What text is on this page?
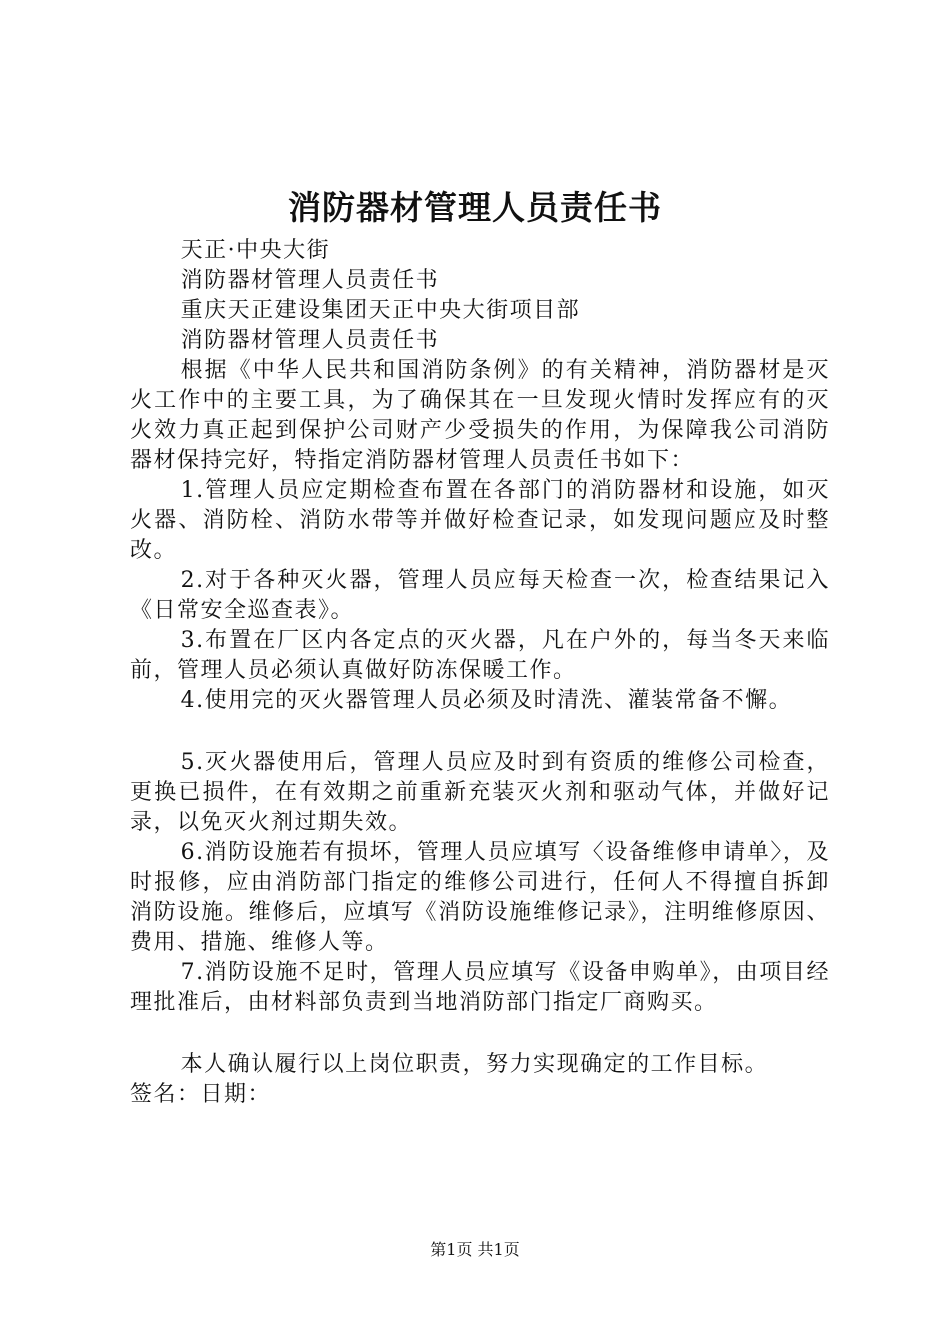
消防器材管理人员责任书

天正·中央大街

消防器材管理人员责任书

重庆天正建设集团天正中央大街项目部

消防器材管理人员责任书

根据《中华人民共和国消防条例》的有关精神，消防器材是灭火工作中的主要工具，为了确保其在一旦发现火情时发挥应有的灭火效力真正起到保护公司财产少受损失的作用，为保障我公司消防器材保持完好，特指定消防器材管理人员责任书如下：

1.管理人员应定期检查布置在各部门的消防器材和设施，如灭火器、消防栓、消防水带等并做好检查记录，如发现问题应及时整改。

2.对于各种灭火器，管理人员应每天检查一次，检查结果记入《日常安全巡查表》。

3.布置在厂区内各定点的灭火器，凡在户外的，每当冬天来临前，管理人员必须认真做好防冻保暖工作。

4.使用完的灭火器管理人员必须及时清洗、灌装常备不懈。

5.灭火器使用后，管理人员应及时到有资质的维修公司检查，更换已损件，在有效期之前重新充装灭火剂和驱动气体，并做好记录，以免灭火剂过期失效。

6.消防设施若有损坏，管理人员应填写〈设备维修申请单〉，及时报修，应由消防部门指定的维修公司进行，任何人不得擅自拆卸消防设施。维修后，应填写《消防设施维修记录》，注明维修原因、费用、措施、维修人等。

7.消防设施不足时，管理人员应填写《设备申购单》，由项目经理批准后，由材料部负责到当地消防部门指定厂商购买。

本人确认履行以上岗位职责，努力实现确定的工作目标。

签名：日期：

第1页 共1页
